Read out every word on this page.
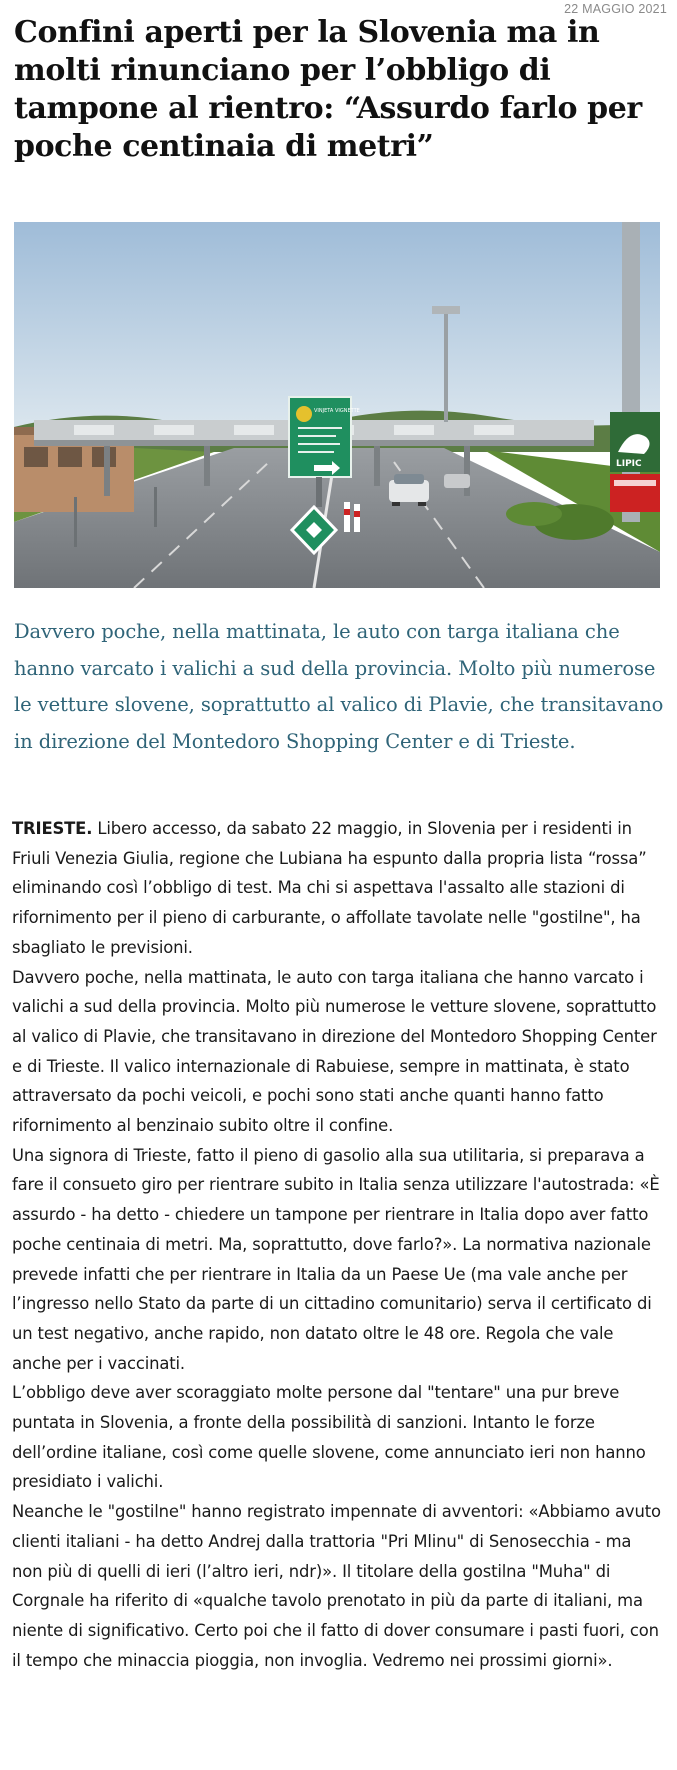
22 MAGGIO 2021
Confini aperti per la Slovenia ma in molti rinunciano per l’obbligo di tampone al rientro: “Assurdo farlo per poche centinaia di metri”
VINJETA VIGNETTE
LIPIC

Davvero poche, nella mattinata, le auto con targa italiana che hanno varcato i valichi a sud della provincia. Molto più numerose le vetture slovene, soprattutto al valico di Plavie, che transitavano in direzione del Montedoro Shopping Center e di Trieste.

TRIESTE. Libero accesso, da sabato 22 maggio, in Slovenia per i residenti in Friuli Venezia Giulia, regione che Lubiana ha espunto dalla propria lista “rossa” eliminando così l’obbligo di test. Ma chi si aspettava l'assalto alle stazioni di rifornimento per il pieno di carburante, o affollate tavolate nelle "gostilne", ha sbagliato le previsioni.

Davvero poche, nella mattinata, le auto con targa italiana che hanno varcato i valichi a sud della provincia. Molto più numerose le vetture slovene, soprattutto al valico di Plavie, che transitavano in direzione del Montedoro Shopping Center e di Trieste. Il valico internazionale di Rabuiese, sempre in mattinata, è stato attraversato da pochi veicoli, e pochi sono stati anche quanti hanno fatto rifornimento al benzinaio subito oltre il confine.

Una signora di Trieste, fatto il pieno di gasolio alla sua utilitaria, si preparava a fare il consueto giro per rientrare subito in Italia senza utilizzare l'autostrada: «È assurdo - ha detto - chiedere un tampone per rientrare in Italia dopo aver fatto poche centinaia di metri. Ma, soprattutto, dove farlo?». La normativa nazionale prevede infatti che per rientrare in Italia da un Paese Ue (ma vale anche per l’ingresso nello Stato da parte di un cittadino comunitario) serva il certificato di un test negativo, anche rapido, non datato oltre le 48 ore. Regola che vale anche per i vaccinati.

L’obbligo deve aver scoraggiato molte persone dal "tentare" una pur breve puntata in Slovenia, a fronte della possibilità di sanzioni. Intanto le forze dell’ordine italiane, così come quelle slovene, come annunciato ieri non hanno presidiato i valichi.

Neanche le "gostilne" hanno registrato impennate di avventori: «Abbiamo avuto clienti italiani - ha detto Andrej dalla trattoria "Pri Mlinu" di Senosecchia - ma non più di quelli di ieri (l’altro ieri, ndr)». Il titolare della gostilna "Muha" di Corgnale ha riferito di «qualche tavolo prenotato in più da parte di italiani, ma niente di significativo. Certo poi che il fatto di dover consumare i pasti fuori, con il tempo che minaccia pioggia, non invoglia. Vedremo nei prossimi giorni».
